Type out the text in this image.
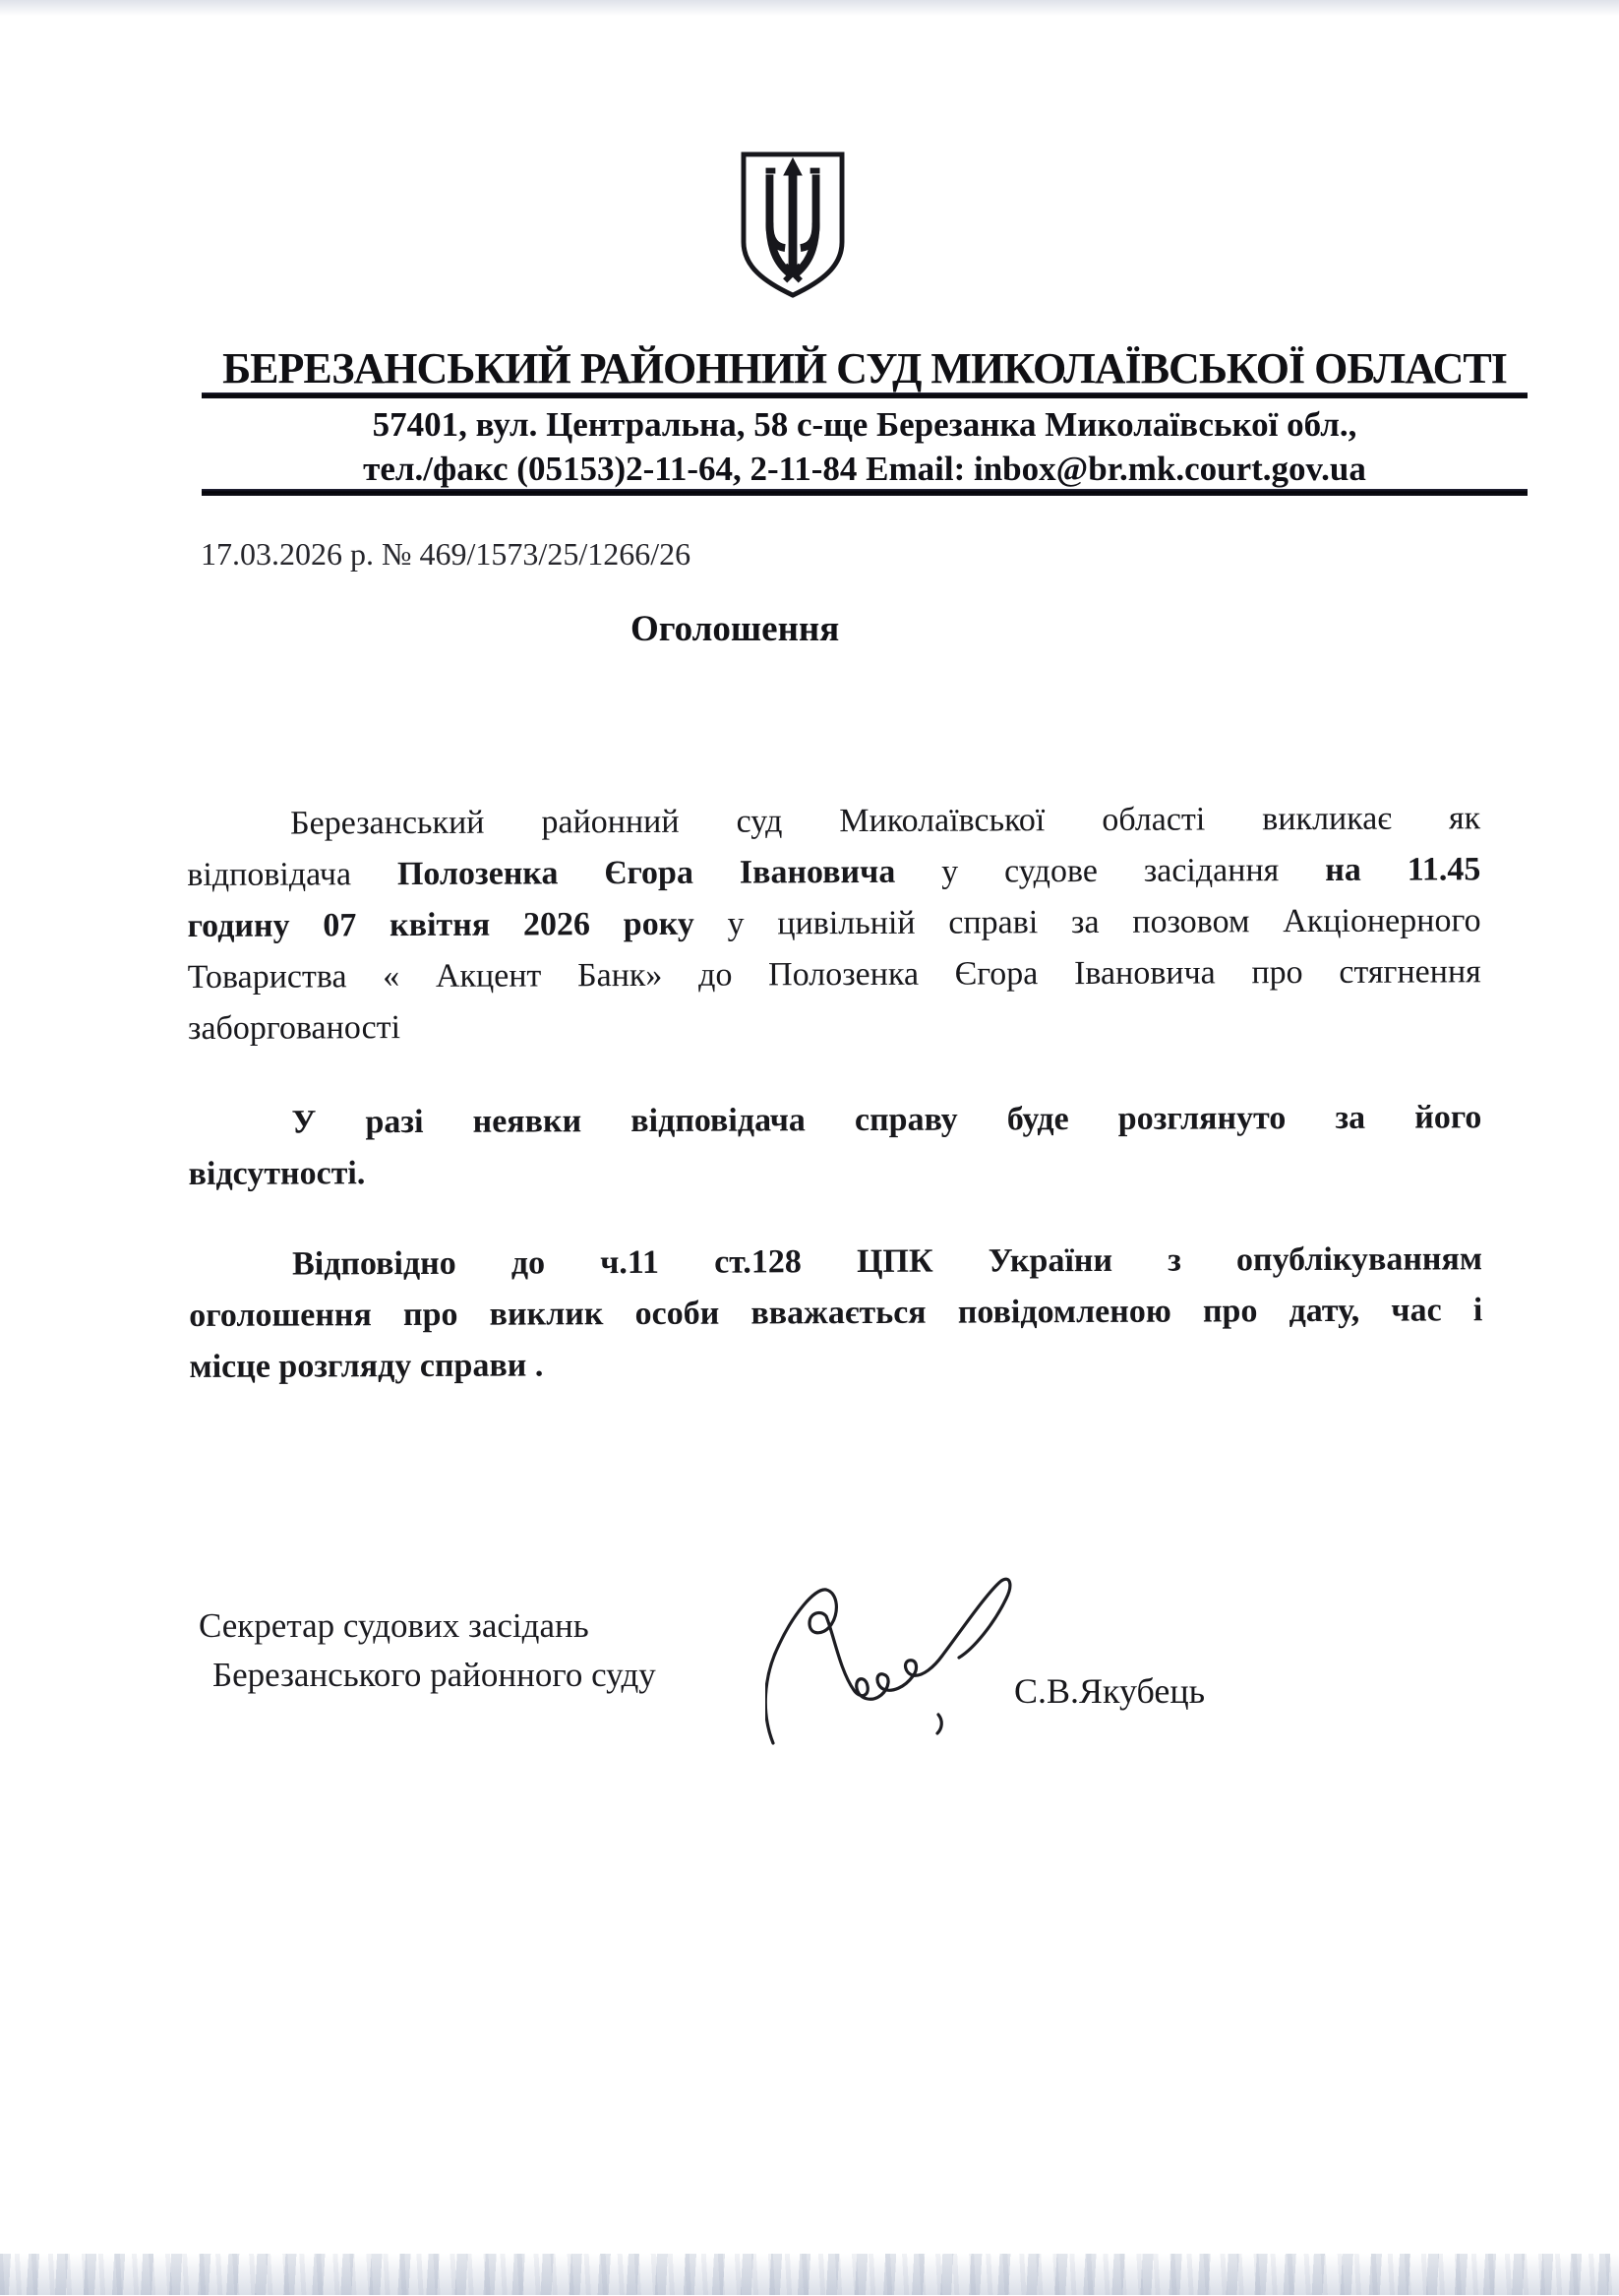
БЕРЕЗАНСЬКИЙ РАЙОННИЙ СУД МИКОЛАЇВСЬКОЇ ОБЛАСТІ
57401, вул. Центральна, 58 с-ще Березанка Миколаївської обл.,
тел./факс (05153)2-11-64, 2-11-84 Email: inbox@br.mk.court.gov.ua
17.03.2026 р. № 469/1573/25/1266/26
Оголошення
Березанський районний суд Миколаївської області викликає як
відповідача Полозенка Єгора Івановича у судове засідання на 11.45
годину 07 квітня 2026 року у цивільній справі за позовом Акціонерного
Товариства « Акцент Банк» до Полозенка Єгора Івановича про стягнення
заборгованості
У разі неявки відповідача справу буде розглянуто за його
відсутності.
Відповідно до ч.11 ст.128 ЦПК України з опублікуванням
оголошення про виклик особи вважається повідомленою про дату, час і
місце розгляду справи .
Секретар судових засідань
Березанського районного суду	С.В.Якубець
